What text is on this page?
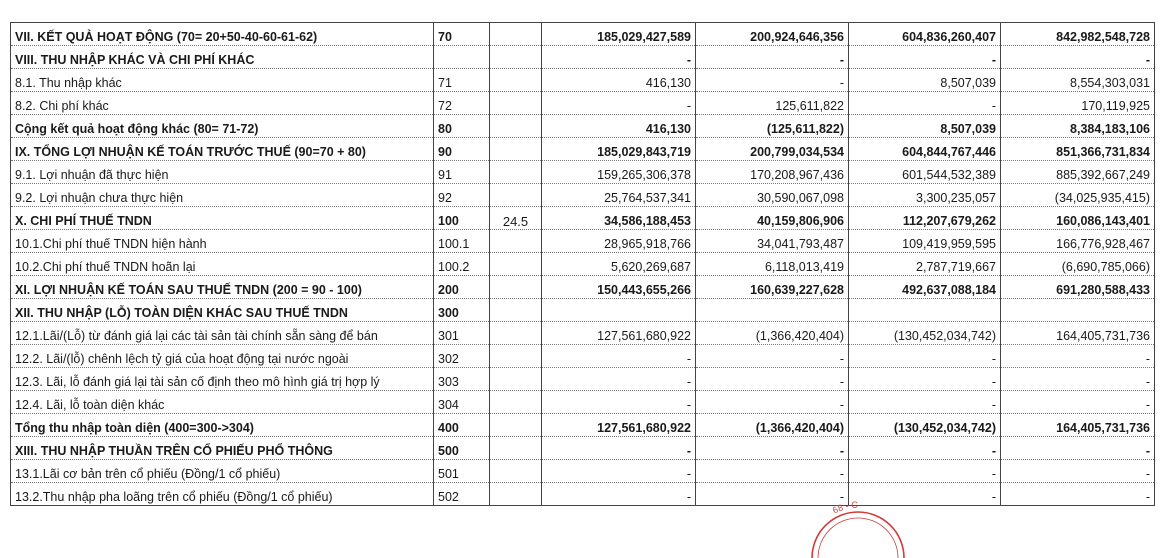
VII. KẾT QUẢ HOẠT ĐỘNG (70= 20+50-40-60-61-62)	70		185,029,427,589	200,924,646,356	604,836,260,407	842,982,548,728
VIII. THU NHẬP KHÁC VÀ CHI PHÍ KHÁC			-	-	-	-
8.1. Thu nhập khác	71		416,130	-	8,507,039	8,554,303,031
8.2. Chi phí khác	72		-	125,611,822	-	170,119,925
Cộng kết quả hoạt động khác (80= 71-72)	80		416,130	(125,611,822)	8,507,039	8,384,183,106
IX. TỔNG LỢI NHUẬN KẾ TOÁN TRƯỚC THUẾ (90=70 + 80)	90		185,029,843,719	200,799,034,534	604,844,767,446	851,366,731,834
9.1. Lợi nhuận đã thực hiện	91		159,265,306,378	170,208,967,436	601,544,532,389	885,392,667,249
9.2. Lợi nhuận chưa thực hiện	92		25,764,537,341	30,590,067,098	3,300,235,057	(34,025,935,415)
X. CHI PHÍ THUẾ TNDN	100	24.5	34,586,188,453	40,159,806,906	112,207,679,262	160,086,143,401
10.1.Chi phí thuế TNDN hiện hành	100.1		28,965,918,766	34,041,793,487	109,419,959,595	166,776,928,467
10.2.Chi phí thuế TNDN hoãn lại	100.2		5,620,269,687	6,118,013,419	2,787,719,667	(6,690,785,066)
XI. LỢI NHUẬN KẾ TOÁN SAU THUẾ TNDN (200 = 90 - 100)	200		150,443,655,266	160,639,227,628	492,637,088,184	691,280,588,433
XII. THU NHẬP (LỖ) TOÀN DIỆN KHÁC SAU THUẾ TNDN	300					
12.1.Lãi/(Lỗ) từ đánh giá lại các tài sản tài chính sẵn sàng để bán	301		127,561,680,922	(1,366,420,404)	(130,452,034,742)	164,405,731,736
12.2. Lãi/(lỗ) chênh lệch tỷ giá của hoạt động tại nước ngoài	302		-	-	-	-
12.3. Lãi, lỗ đánh giá lại tài sản cố định theo mô hình giá trị hợp lý	303		-	-	-	-
12.4. Lãi, lỗ toàn diện khác	304		-	-	-	-
Tổng thu nhập toàn diện (400=300->304)	400		127,561,680,922	(1,366,420,404)	(130,452,034,742)	164,405,731,736
XIII. THU NHẬP THUẦN TRÊN CỔ PHIẾU PHỔ THÔNG	500		-	-	-	-
13.1.Lãi cơ bản trên cổ phiếu (Đồng/1 cổ phiếu)	501		-	-	-	-
13.2.Thu nhập pha loãng trên cổ phiếu (Đồng/1 cổ phiếu)	502		-	-	-	-
68 - C
